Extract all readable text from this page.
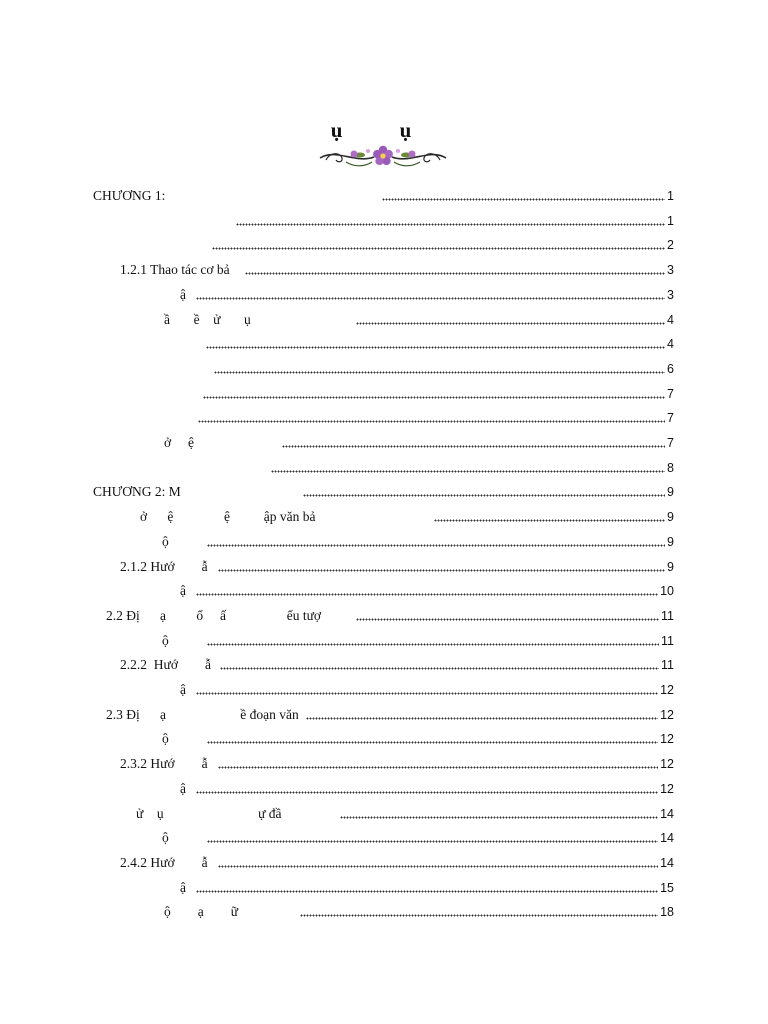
ụ ụ
CHƯƠNG 1:	1
1
2
1.2.1 Thao tác cơ bả	3
ậ	3
ầ       ề    ử       ụ	4
4
6
7
7
ở     ệ	7
8
CHƯƠNG 2: M	9
ở      ệ               ệ          ập văn bả	9
ộ	9
2.1.2 Hướ        ẫ	9
ậ	10
2.2 Đị      ạ         ổ     ấ                  ểu tượ	11
ộ	11
2.2.2  Hướ        ẫ	11
ậ	12
2.3 Đị      ạ                      ề đoạn văn	12
ộ	12
2.3.2 Hướ        ẫ	12
ậ	12
ử    ụ                            ự đầ	14
ộ	14
2.4.2 Hướ        ẫ	14
ậ	15
ộ        ạ        ữ	18
